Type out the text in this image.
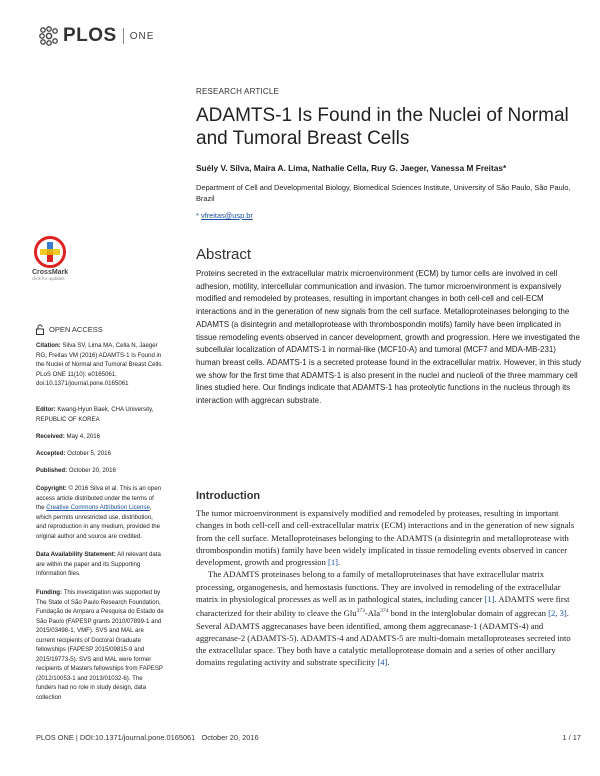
PLOS ONE
RESEARCH ARTICLE
ADAMTS-1 Is Found in the Nuclei of Normal and Tumoral Breast Cells
Suély V. Silva, Maíra A. Lima, Nathalie Cella, Ruy G. Jaeger, Vanessa M Freitas*
Department of Cell and Developmental Biology, Biomedical Sciences Institute, University of São Paulo, São Paulo, Brazil
* vfreitas@usp.br
CrossMark
click for updates
Abstract
Proteins secreted in the extracellular matrix microenvironment (ECM) by tumor cells are involved in cell adhesion, motility, intercellular communication and invasion. The tumor microenvironment is expansively modified and remodeled by proteases, resulting in important changes in both cell-cell and cell-ECM interactions and in the generation of new signals from the cell surface. Metalloproteinases belonging to the ADAMTS (a disintegrin and metalloprotease with thrombospondin motifs) family have been implicated in tissue remodeling events observed in cancer development, growth and progression. Here we investigated the subcellular localization of ADAMTS-1 in normal-like (MCF10-A) and tumoral (MCF7 and MDA-MB-231) human breast cells. ADAMTS-1 is a secreted protease found in the extracellular matrix. However, in this study we show for the first time that ADAMTS-1 is also present in the nuclei and nucleoli of the three mammary cell lines studied here. Our findings indicate that ADAMTS-1 has proteolytic functions in the nucleus through its interaction with aggrecan substrate.
OPEN ACCESS
Citation: Silva SV, Lima MA, Cella N, Jaeger RG, Freitas VM (2016) ADAMTS-1 Is Found in the Nuclei of Normal and Tumoral Breast Cells. PLoS ONE 11(10): e0165061. doi:10.1371/journal.pone.0165061
Editor: Kwang-Hyun Baek, CHA University, REPUBLIC OF KOREA
Received: May 4, 2016
Accepted: October 5, 2016
Published: October 20, 2016
Copyright: © 2016 Silva et al. This is an open access article distributed under the terms of the Creative Commons Attribution License, which permits unrestricted use, distribution, and reproduction in any medium, provided the original author and source are credited.
Data Availability Statement: All relevant data are within the paper and its Supporting Information files.
Funding: This investigation was supported by The State of São Paulo Research Foundation, Fundação de Amparo a Pesquisa do Estado de São Paulo (FAPESP grants 2010/07899-1 and 2015/03498-1, VMF). SVS and MAL are current recipients of Doctoral Graduate fellowships (FAPESP 2015/09815-9 and 2015/19773-5). SVS and MAL were former recipients of Masters fellowships from FAPESP (2012/10053-1 and 2013/01032-6). The funders had no role in study design, data collection
Introduction

The tumor microenvironment is expansively modified and remodeled by proteases, resulting in important changes in both cell-cell and cell-extracellular matrix (ECM) interactions and in the generation of new signals from the cell surface. Metalloproteinases belonging to the ADAMTS (a disintegrin and metalloprotease with thrombospondin motifs) family have been widely implicated in tissue remodeling events observed in cancer development, growth and progression [1].

The ADAMTS proteinases belong to a family of metalloproteinases that have extracellular matrix processing, organogenesis, and hemostasis functions. They are involved in remodeling of the extracellular matrix in physiological processes as well as in pathological states, including cancer [1]. ADAMTS were first characterized for their ability to cleave the Glu$^{373}$-Ala$^{374}$ bond in the interglobular domain of aggrecan [2, 3]. Several ADAMTS aggrecanases have been identified, among them aggrecanase-1 (ADAMTS-4) and aggrecanase-2 (ADAMTS-5). ADAMTS-4 and ADAMTS-5 are multi-domain metalloproteases secreted into the extracellular space. They both have a catalytic metalloprotease domain and a series of other ancillary domains regulating activity and substrate specificity [4].

PLOS ONE | DOI:10.1371/journal.pone.0165061   October 20, 2016	1 / 17
